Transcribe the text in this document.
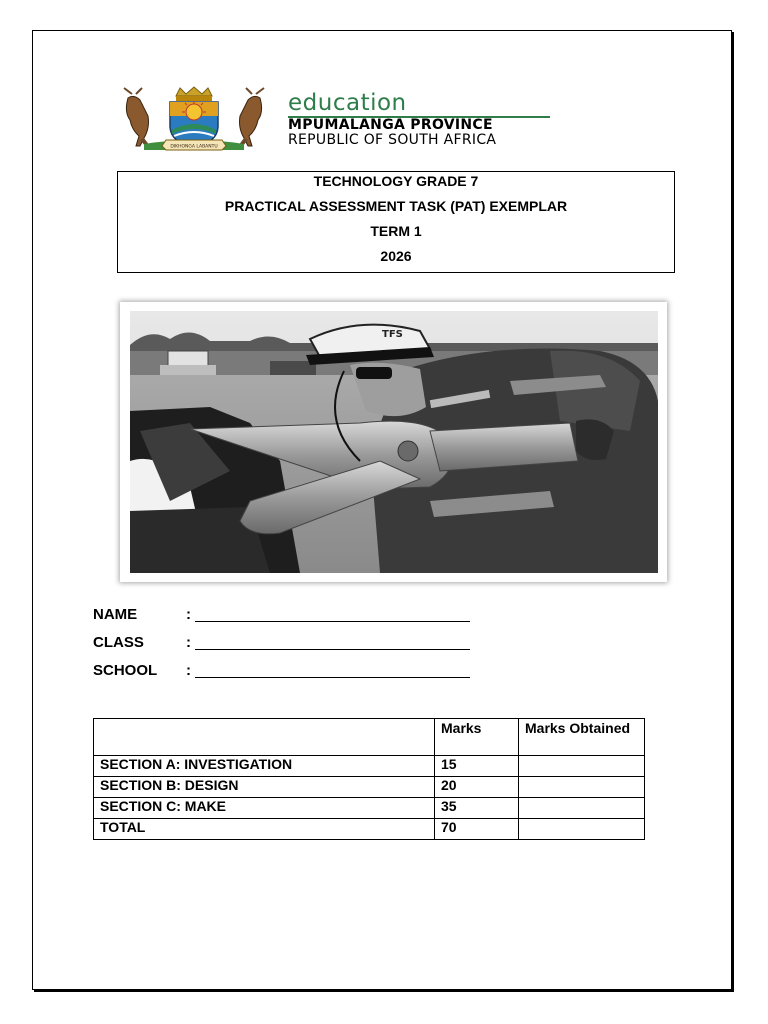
DIKHONGA LABANTU
education
MPUMALANGA PROVINCE
REPUBLIC OF SOUTH AFRICA
TECHNOLOGY GRADE 7
PRACTICAL ASSESSMENT TASK (PAT) EXEMPLAR
TERM 1
2026
TFS
NAME	:
CLASS	:
SCHOOL :
	Marks	Marks Obtained
SECTION A: INVESTIGATION	15	
SECTION B: DESIGN	20	
SECTION C: MAKE	35	
TOTAL	70	
